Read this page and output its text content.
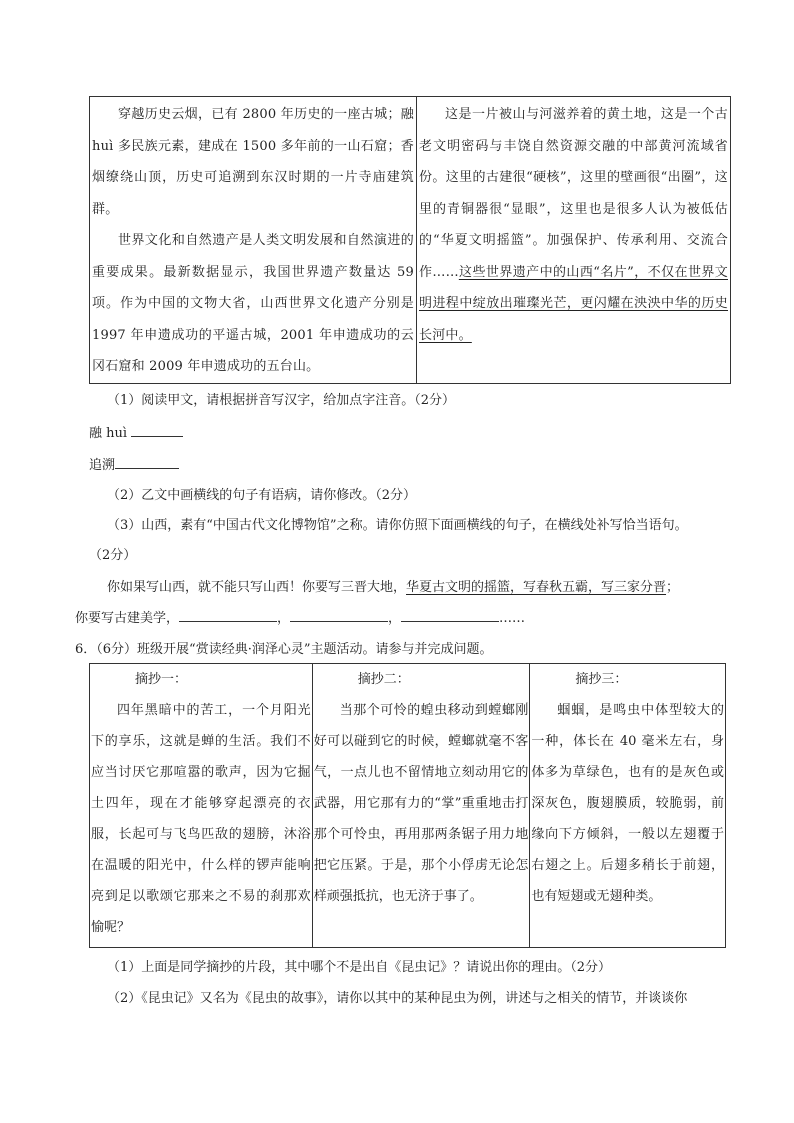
穿越历史云烟，已有 2800 年历史的一座古城；融 huì 多民族元素，建成在 1500 多年前的一山石窟；香烟缭绕山顶，历史可追溯到东汉时期的一片寺庙建筑群。

世界文化和自然遗产是人类文明发展和自然演进的重要成果。最新数据显示，我国世界遗产数量达 59 项。作为中国的文物大省，山西世界文化遗产分别是 1997 年申遗成功的平遥古城，2001 年申遗成功的云冈石窟和 2009 年申遗成功的五台山。

这是一片被山与河滋养着的黄土地，这是一个古老文明密码与丰饶自然资源交融的中部黄河流域省份。这里的古建很“硬核”，这里的壁画很“出圈”，这里的青铜器很“显眼”，这里也是很多人认为被低估的“华夏文明摇篮”。加强保护、传承利用、交流合作……这些世界遗产中的山西“名片”，不仅在世界文明进程中绽放出璀璨光芒，更闪耀在泱泱中华的历史长河中。

（1）阅读甲文，请根据拼音写汉字，给加点字注音。（2分）
融 huì
追溯
（2）乙文中画横线的句子有语病，请你修改。（2分）
（3）山西，素有“中国古代文化博物馆”之称。请你仿照下面画横线的句子，在横线处补写恰当语句。
（2分）
你如果写山西，就不能只写山西！你要写三晋大地，华夏古文明的摇篮，写春秋五霸，写三家分晋；
你要写古建美学，	，	，	……
6．（6分）班级开展“赏读经典·润泽心灵”主题活动。请参与并完成问题。
摘抄一：

四年黑暗中的苦工，一个月阳光下的享乐，这就是蝉的生活。我们不应当讨厌它那喧嚣的歌声，因为它掘土四年，现在才能够穿起漂亮的衣服，长起可与飞鸟匹敌的翅膀，沐浴在温暖的阳光中，什么样的锣声能响亮到足以歌颂它那来之不易的刹那欢愉呢？

摘抄二：

当那个可怜的蝗虫移动到螳螂刚好可以碰到它的时候，螳螂就毫不客气，一点儿也不留情地立刻动用它的武器，用它那有力的“掌”重重地击打那个可怜虫，再用那两条锯子用力地把它压紧。于是，那个小俘虏无论怎样顽强抵抗，也无济于事了。

摘抄三：

蝈蝈，是鸣虫中体型较大的一种，体长在 40 毫米左右，身体多为草绿色，也有的是灰色或深灰色，腹翅膜质，较脆弱，前缘向下方倾斜，一般以左翅覆于右翅之上。后翅多稍长于前翅，也有短翅或无翅种类。

（1）上面是同学摘抄的片段，其中哪个不是出自《昆虫记》？请说出你的理由。（2分）
（2）《昆虫记》又名为《昆虫的故事》，请你以其中的某种昆虫为例，讲述与之相关的情节，并谈谈你
